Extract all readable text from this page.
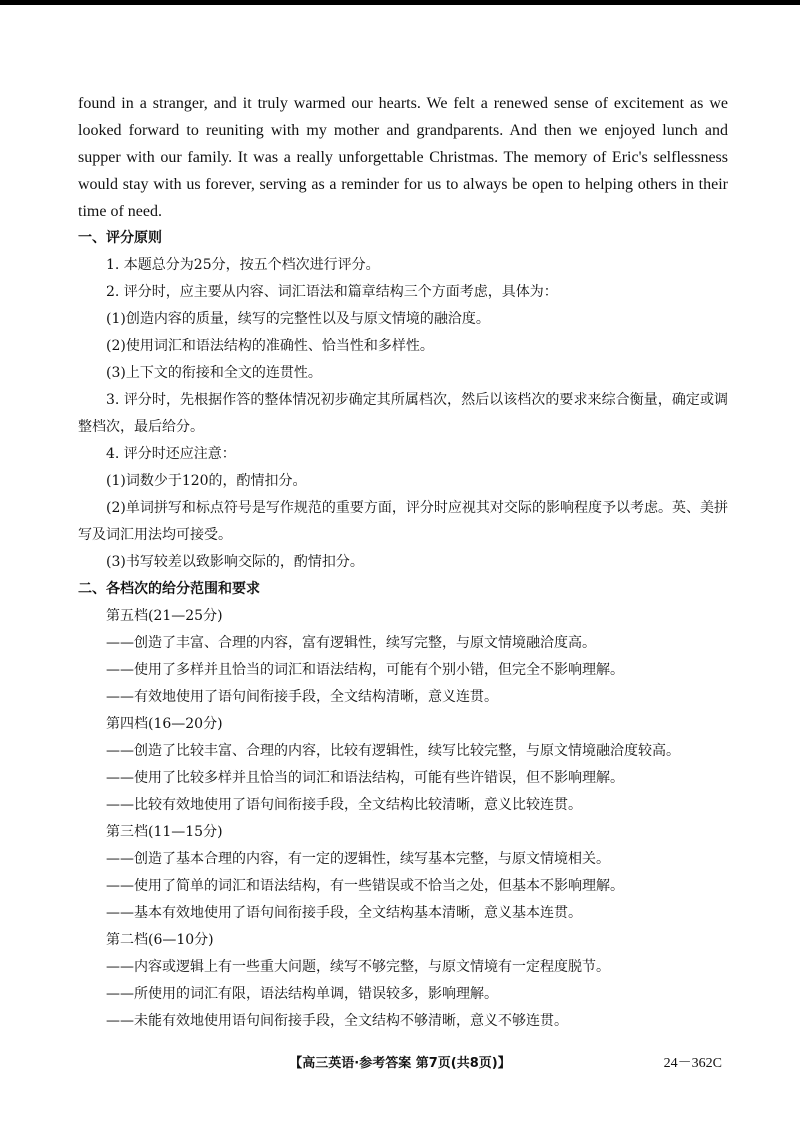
found in a stranger, and it truly warmed our hearts. We felt a renewed sense of excitement as we looked forward to reuniting with my mother and grandparents. And then we enjoyed lunch and supper with our family. It was a really unforgettable Christmas. The memory of Eric's selflessness would stay with us forever, serving as a reminder for us to always be open to helping others in their time of need.

一、评分原则

1. 本题总分为25分，按五个档次进行评分。

2. 评分时，应主要从内容、词汇语法和篇章结构三个方面考虑，具体为：

(1)创造内容的质量，续写的完整性以及与原文情境的融洽度。

(2)使用词汇和语法结构的准确性、恰当性和多样性。

(3)上下文的衔接和全文的连贯性。

3. 评分时，先根据作答的整体情况初步确定其所属档次，然后以该档次的要求来综合衡量，确定或调整档次，最后给分。

4. 评分时还应注意：

(1)词数少于120的，酌情扣分。

(2)单词拼写和标点符号是写作规范的重要方面，评分时应视其对交际的影响程度予以考虑。英、美拼写及词汇用法均可接受。

(3)书写较差以致影响交际的，酌情扣分。

二、各档次的给分范围和要求

第五档(21—25分)

——创造了丰富、合理的内容，富有逻辑性，续写完整，与原文情境融洽度高。

——使用了多样并且恰当的词汇和语法结构，可能有个别小错，但完全不影响理解。

——有效地使用了语句间衔接手段，全文结构清晰，意义连贯。

第四档(16—20分)

——创造了比较丰富、合理的内容，比较有逻辑性，续写比较完整，与原文情境融洽度较高。

——使用了比较多样并且恰当的词汇和语法结构，可能有些许错误，但不影响理解。

——比较有效地使用了语句间衔接手段，全文结构比较清晰，意义比较连贯。

第三档(11—15分)

——创造了基本合理的内容，有一定的逻辑性，续写基本完整，与原文情境相关。

——使用了简单的词汇和语法结构，有一些错误或不恰当之处，但基本不影响理解。

——基本有效地使用了语句间衔接手段，全文结构基本清晰，意义基本连贯。

第二档(6—10分)

——内容或逻辑上有一些重大问题，续写不够完整，与原文情境有一定程度脱节。

——所使用的词汇有限，语法结构单调，错误较多，影响理解。

——未能有效地使用语句间衔接手段，全文结构不够清晰，意义不够连贯。

【高三英语·参考答案 第7页(共8页)】	24－362C
